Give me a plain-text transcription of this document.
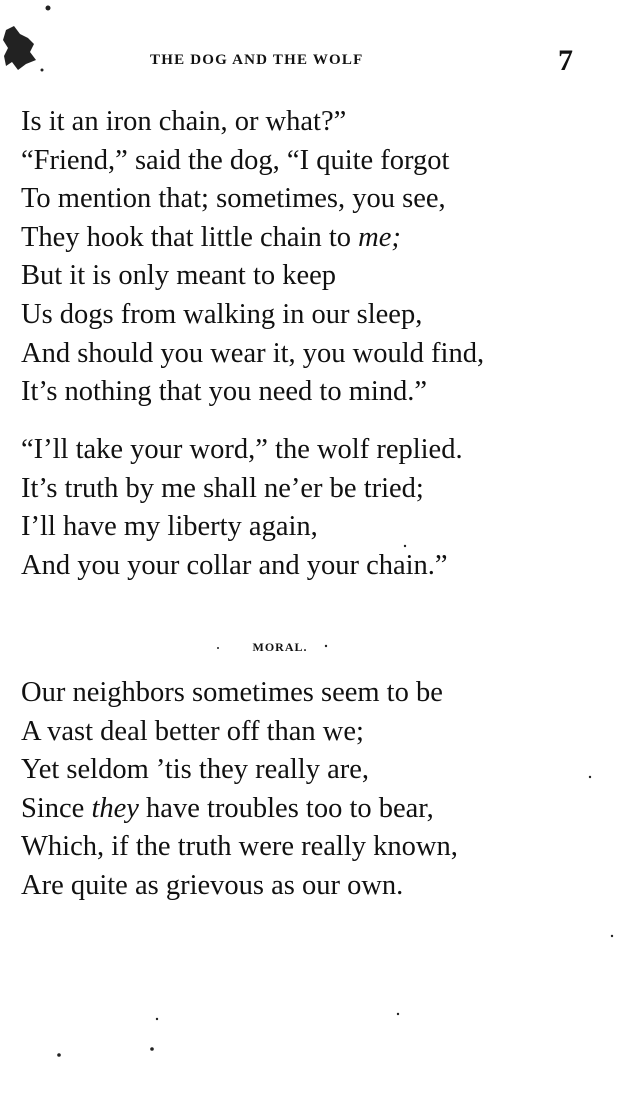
THE DOG AND THE WOLF	7
Is it an iron chain, or what?”
“Friend,” said the dog, “I quite forgot
To mention that; sometimes, you see,
They hook that little chain to me;
But it is only meant to keep
Us dogs from walking in our sleep,
And should you wear it, you would find,
It’s nothing that you need to mind.”
“I’ll take your word,” the wolf replied.
It’s truth by me shall ne’er be tried;
I’ll have my liberty again,
And you your collar and your chain.”
MORAL.
Our neighbors sometimes seem to be
A vast deal better off than we;
Yet seldom ’tis they really are,
Since they have troubles too to bear,
Which, if the truth were really known,
Are quite as grievous as our own.
